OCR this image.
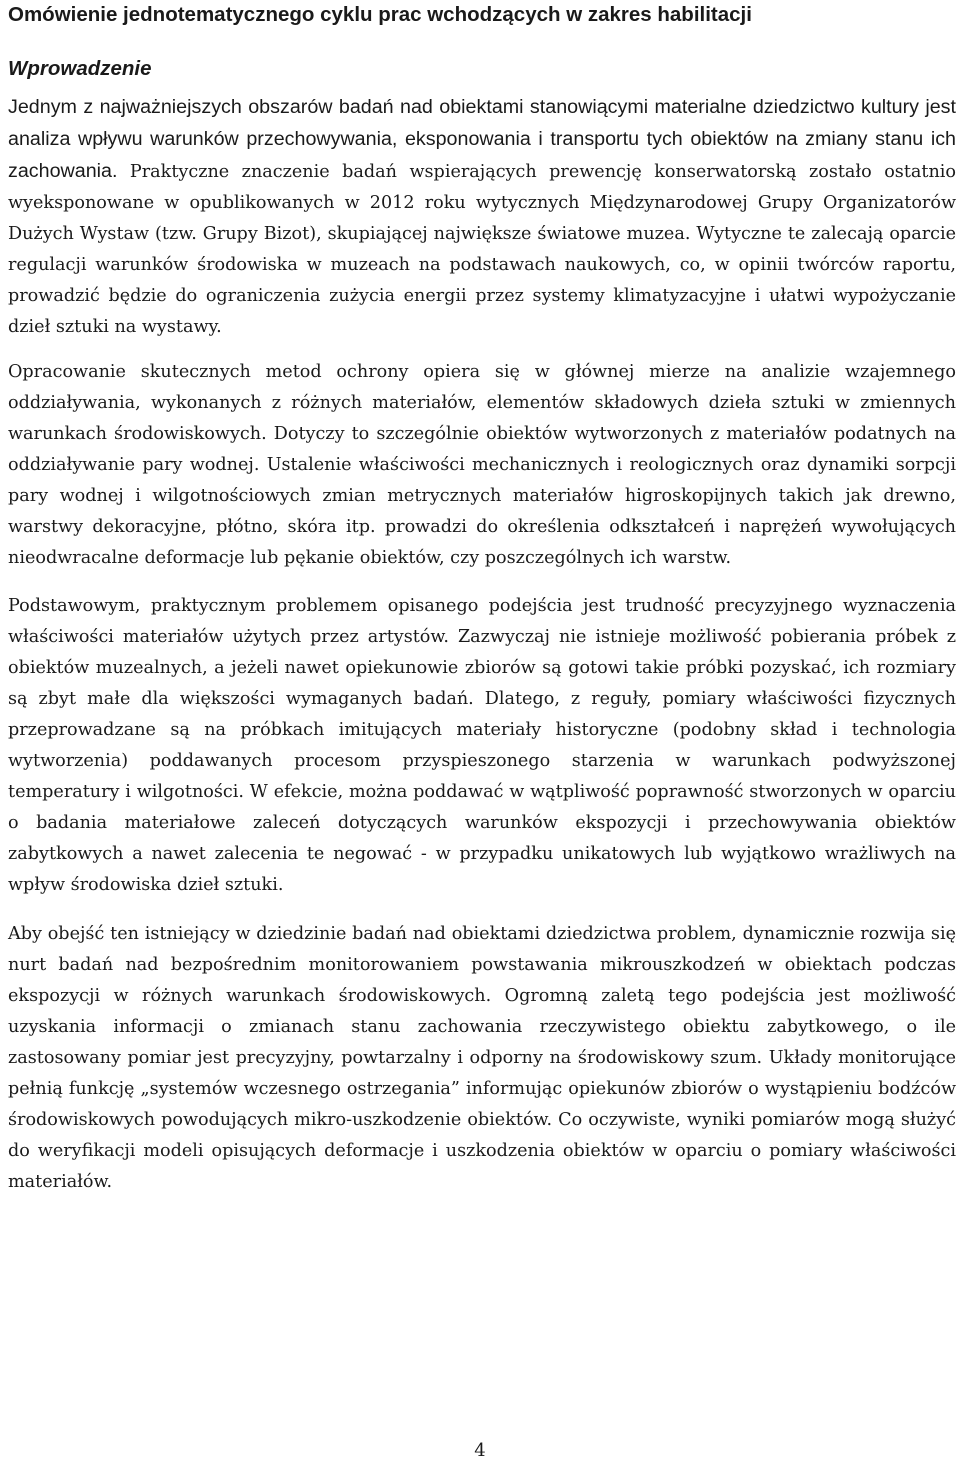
Omówienie jednotematycznego cyklu prac wchodzących w zakres habilitacji
Wprowadzenie

Jednym z najważniejszych obszarów badań nad obiektami stanowiącymi materialne dziedzictwo kultury jest analiza wpływu warunków przechowywania, eksponowania i transportu tych obiektów na zmiany stanu ich zachowania. Praktyczne znaczenie badań wspierających prewencję konserwatorską zostało ostatnio wyeksponowane w opublikowanych w 2012 roku wytycznych Międzynarodowej Grupy Organizatorów Dużych Wystaw (tzw. Grupy Bizot), skupiającej największe światowe muzea. Wytyczne te zalecają oparcie regulacji warunków środowiska w muzeach na podstawach naukowych, co, w opinii twórców raportu, prowadzić będzie do ograniczenia zużycia energii przez systemy klimatyzacyjne i ułatwi wypożyczanie dzieł sztuki na wystawy.

Opracowanie skutecznych metod ochrony opiera się w głównej mierze na analizie wzajemnego oddziaływania, wykonanych z różnych materiałów, elementów składowych dzieła sztuki w zmiennych warunkach środowiskowych. Dotyczy to szczególnie obiektów wytworzonych z materiałów podatnych na oddziaływanie pary wodnej. Ustalenie właściwości mechanicznych i reologicznych oraz dynamiki sorpcji pary wodnej i wilgotnościowych zmian metrycznych materiałów higroskopijnych takich jak drewno, warstwy dekoracyjne, płótno, skóra itp. prowadzi do określenia odkształceń i naprężeń wywołujących nieodwracalne deformacje lub pękanie obiektów, czy poszczególnych ich warstw.

Podstawowym, praktycznym problemem opisanego podejścia jest trudność precyzyjnego wyznaczenia właściwości materiałów użytych przez artystów. Zazwyczaj nie istnieje możliwość pobierania próbek z obiektów muzealnych, a jeżeli nawet opiekunowie zbiorów są gotowi takie próbki pozyskać, ich rozmiary są zbyt małe dla większości wymaganych badań. Dlatego, z reguły, pomiary właściwości fizycznych przeprowadzane są na próbkach imitujących materiały historyczne (podobny skład i technologia wytworzenia) poddawanych procesom przyspieszonego starzenia w warunkach podwyższonej temperatury i wilgotności. W efekcie, można poddawać w wątpliwość poprawność stworzonych w oparciu o badania materiałowe zaleceń dotyczących warunków ekspozycji i przechowywania obiektów zabytkowych a nawet zalecenia te negować - w przypadku unikatowych lub wyjątkowo wrażliwych na wpływ środowiska dzieł sztuki.

Aby obejść ten istniejący w dziedzinie badań nad obiektami dziedzictwa problem, dynamicznie rozwija się nurt badań nad bezpośrednim monitorowaniem powstawania mikrouszkodzeń w obiektach podczas ekspozycji w różnych warunkach środowiskowych. Ogromną zaletą tego podejścia jest możliwość uzyskania informacji o zmianach stanu zachowania rzeczywistego obiektu zabytkowego, o ile zastosowany pomiar jest precyzyjny, powtarzalny i odporny na środowiskowy szum. Układy monitorujące pełnią funkcję „systemów wczesnego ostrzegania” informując opiekunów zbiorów o wystąpieniu bodźców środowiskowych powodujących mikro-uszkodzenie obiektów. Co oczywiste, wyniki pomiarów mogą służyć do weryfikacji modeli opisujących deformacje i uszkodzenia obiektów w oparciu o pomiary właściwości materiałów.

4
